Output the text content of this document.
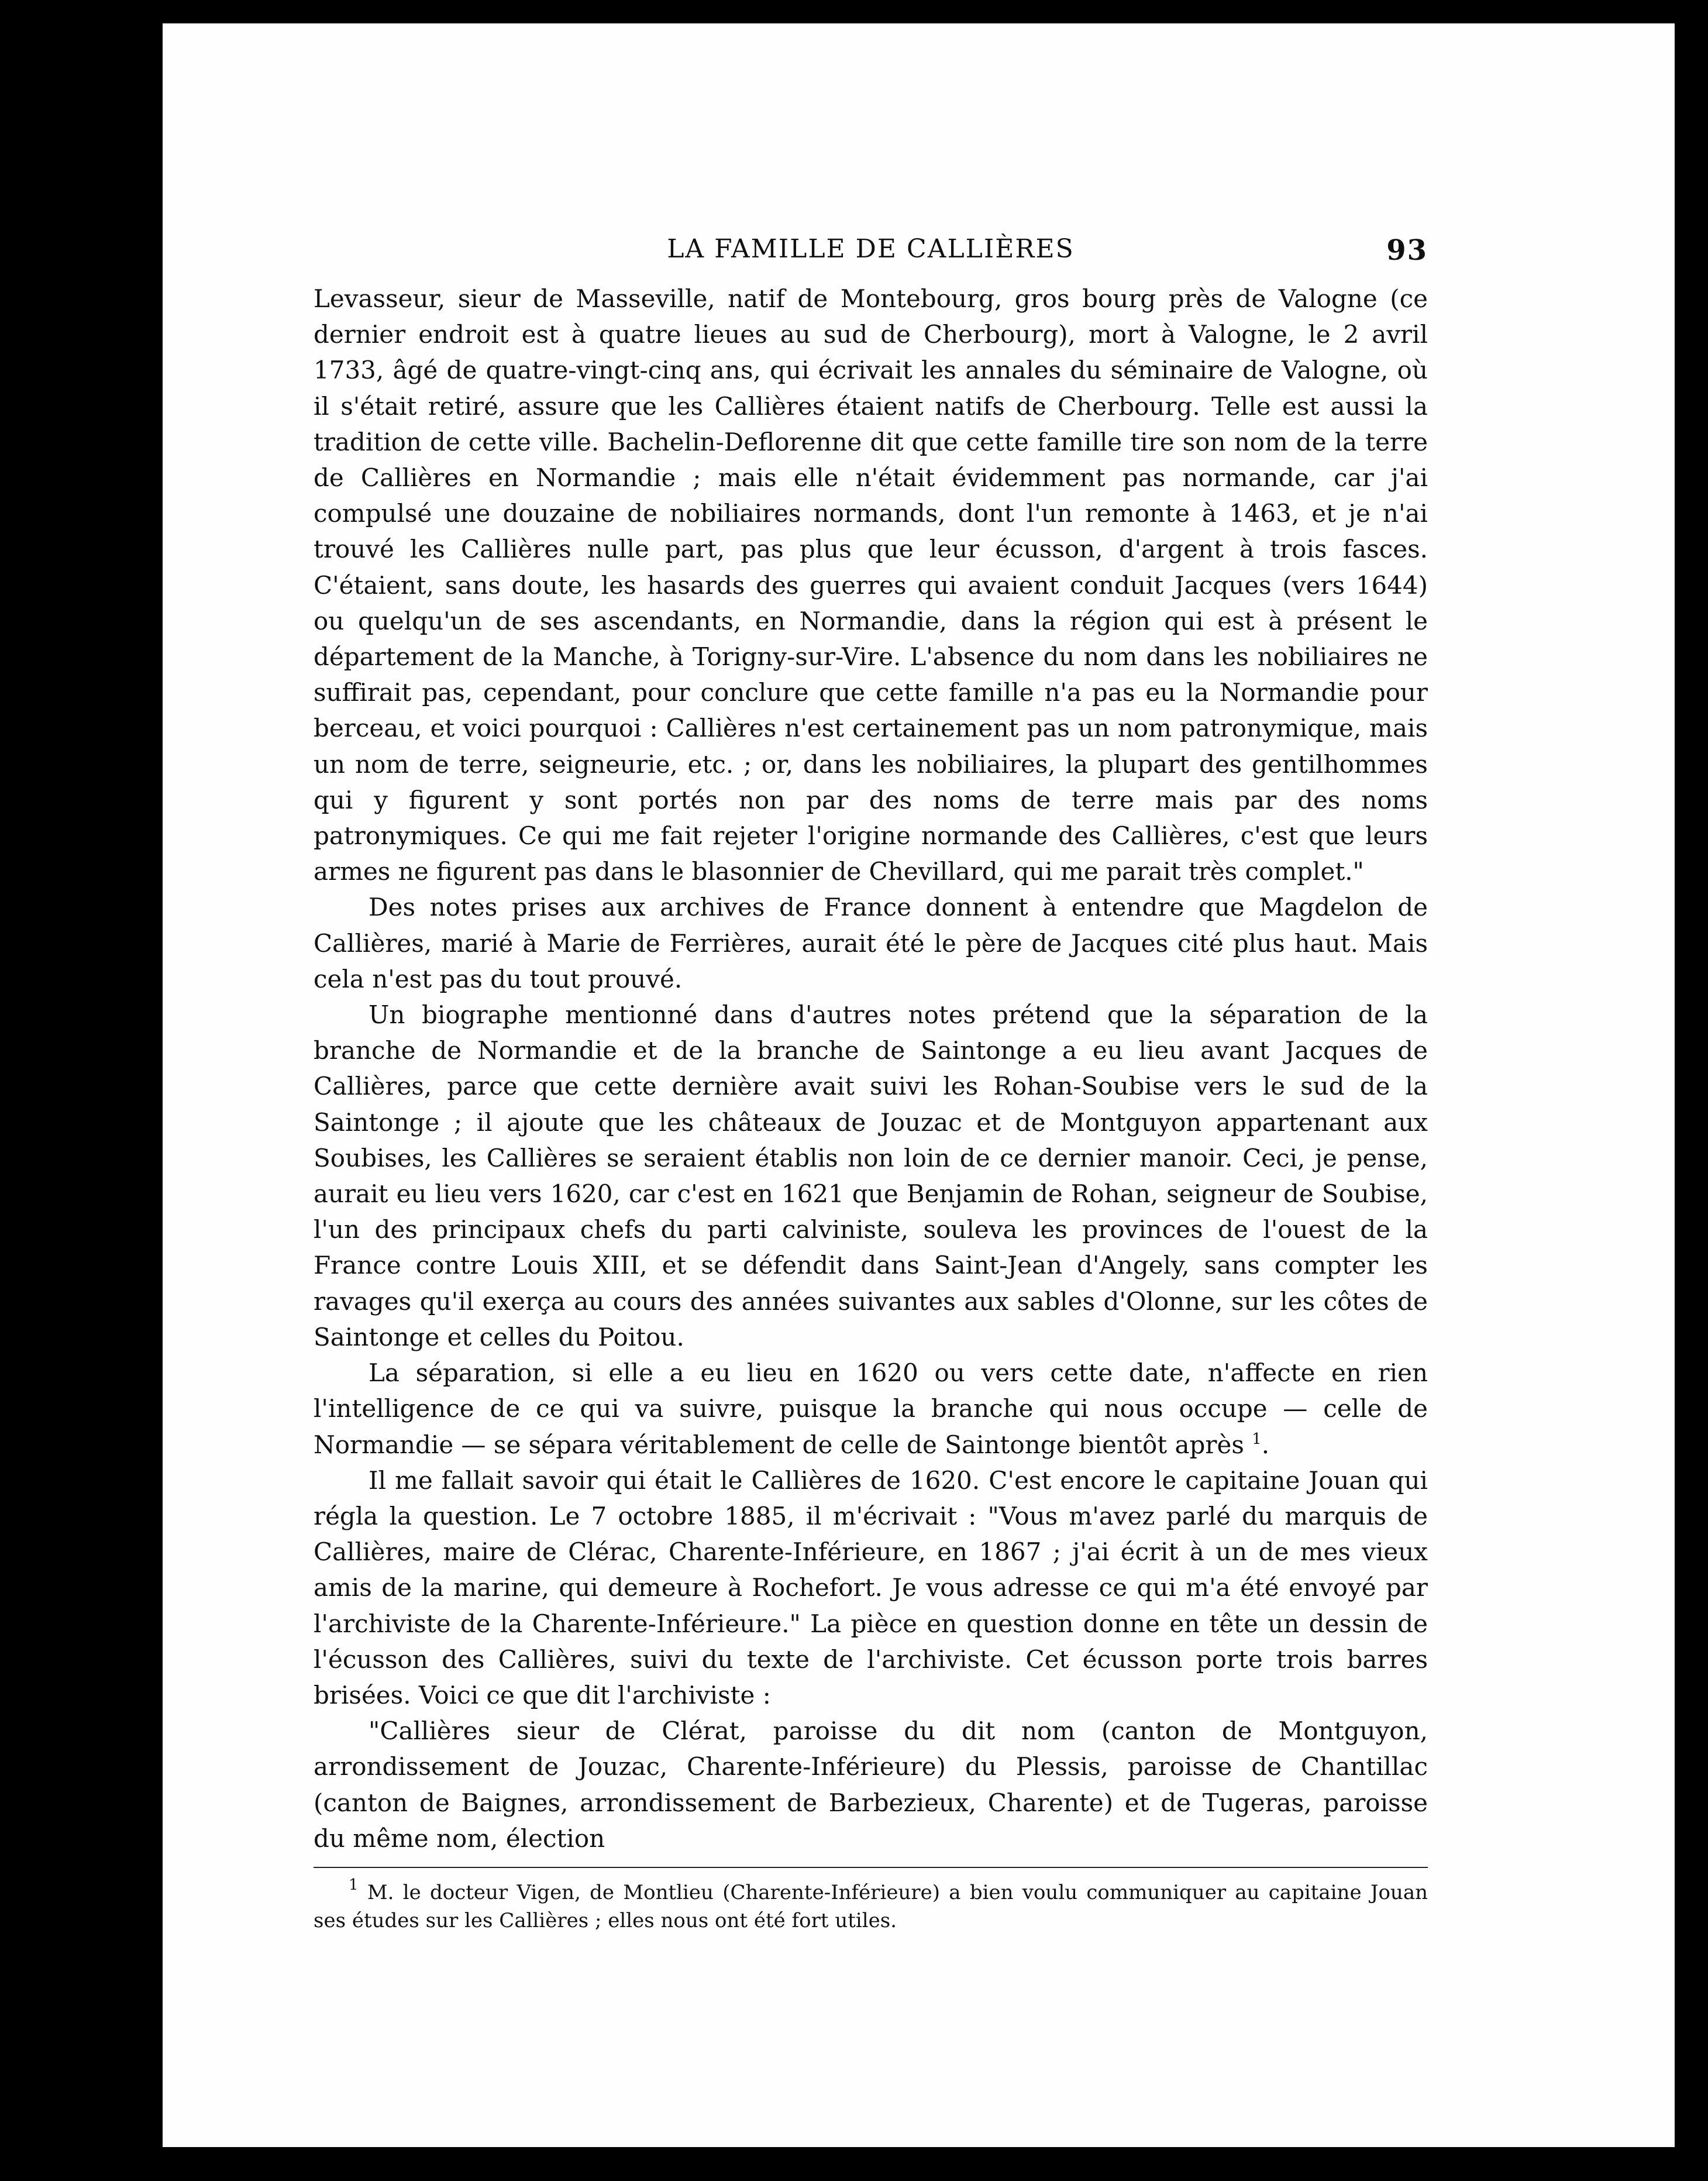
LA FAMILLE DE CALLIÈRES	93

Levasseur, sieur de Masseville, natif de Montebourg, gros bourg près de Valogne (ce dernier endroit est à quatre lieues au sud de Cherbourg), mort à Valogne, le 2 avril 1733, âgé de quatre-vingt-cinq ans, qui écrivait les annales du séminaire de Valogne, où il s'était retiré, assure que les Callières étaient natifs de Cherbourg. Telle est aussi la tradition de cette ville. Bachelin-Deflorenne dit que cette famille tire son nom de la terre de Callières en Normandie ; mais elle n'était évidemment pas normande, car j'ai compulsé une douzaine de nobiliaires normands, dont l'un remonte à 1463, et je n'ai trouvé les Callières nulle part, pas plus que leur écusson, d'argent à trois fasces. C'étaient, sans doute, les hasards des guerres qui avaient conduit Jacques (vers 1644) ou quelqu'un de ses ascendants, en Normandie, dans la région qui est à présent le département de la Manche, à Torigny-sur-Vire. L'absence du nom dans les nobiliaires ne suffirait pas, cependant, pour conclure que cette famille n'a pas eu la Normandie pour berceau, et voici pourquoi : Callières n'est certainement pas un nom patronymique, mais un nom de terre, seigneurie, etc. ; or, dans les nobiliaires, la plupart des gentilhommes qui y figurent y sont portés non par des noms de terre mais par des noms patronymiques. Ce qui me fait rejeter l'origine normande des Callières, c'est que leurs armes ne figurent pas dans le blasonnier de Chevillard, qui me parait très complet."

Des notes prises aux archives de France donnent à entendre que Magdelon de Callières, marié à Marie de Ferrières, aurait été le père de Jacques cité plus haut. Mais cela n'est pas du tout prouvé.

Un biographe mentionné dans d'autres notes prétend que la séparation de la branche de Normandie et de la branche de Saintonge a eu lieu avant Jacques de Callières, parce que cette dernière avait suivi les Rohan-Soubise vers le sud de la Saintonge ; il ajoute que les châteaux de Jouzac et de Montguyon appartenant aux Soubises, les Callières se seraient établis non loin de ce dernier manoir. Ceci, je pense, aurait eu lieu vers 1620, car c'est en 1621 que Benjamin de Rohan, seigneur de Soubise, l'un des principaux chefs du parti calviniste, souleva les provinces de l'ouest de la France contre Louis XIII, et se défendit dans Saint-Jean d'Angely, sans compter les ravages qu'il exerça au cours des années suivantes aux sables d'Olonne, sur les côtes de Saintonge et celles du Poitou.

La séparation, si elle a eu lieu en 1620 ou vers cette date, n'affecte en rien l'intelligence de ce qui va suivre, puisque la branche qui nous occupe — celle de Normandie — se sépara véritablement de celle de Saintonge bientôt après $^1$.

Il me fallait savoir qui était le Callières de 1620. C'est encore le capitaine Jouan qui régla la question. Le 7 octobre 1885, il m'écrivait : "Vous m'avez parlé du marquis de Callières, maire de Clérac, Charente-Inférieure, en 1867 ; j'ai écrit à un de mes vieux amis de la marine, qui demeure à Rochefort. Je vous adresse ce qui m'a été envoyé par l'archiviste de la Charente-Inférieure." La pièce en question donne en tête un dessin de l'écusson des Callières, suivi du texte de l'archiviste. Cet écusson porte trois barres brisées. Voici ce que dit l'archiviste :

"Callières sieur de Clérat, paroisse du dit nom (canton de Montguyon, arrondissement de Jouzac, Charente-Inférieure) du Plessis, paroisse de Chantillac (canton de Baignes, arrondissement de Barbezieux, Charente) et de Tugeras, paroisse du même nom, élection

$^1$ M. le docteur Vigen, de Montlieu (Charente-Inférieure) a bien voulu communiquer au capitaine Jouan ses études sur les Callières ; elles nous ont été fort utiles.
